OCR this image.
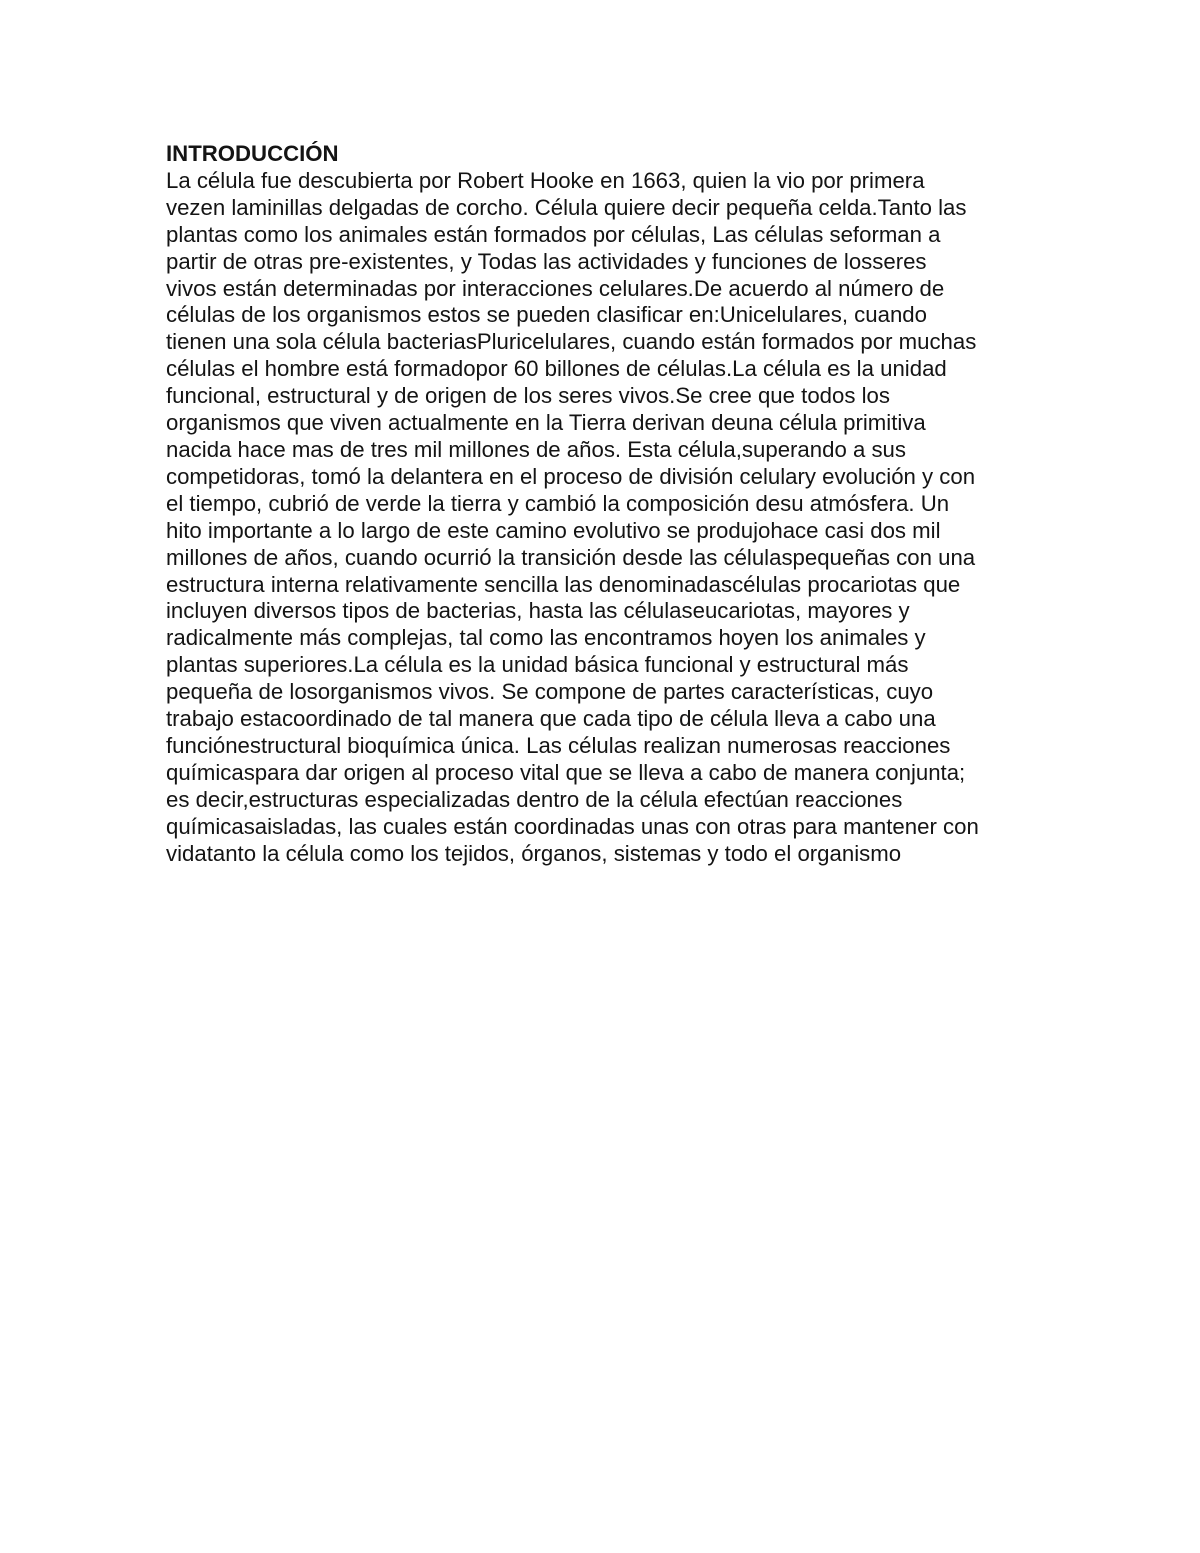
INTRODUCCIÓN

La célula fue descubierta por Robert Hooke en 1663, quien la vio por primera

vezen laminillas delgadas de corcho. Célula quiere decir pequeña celda.Tanto las

plantas como los animales están formados por células, Las células seforman a

partir de otras pre-existentes, y Todas las actividades y funciones de losseres

vivos están determinadas por interacciones celulares.De acuerdo al número de

células de los organismos estos se pueden clasificar en:Unicelulares, cuando

tienen una sola célula bacteriasPluricelulares, cuando están formados por muchas

células el hombre está formadopor 60 billones de células.La célula es la unidad

funcional, estructural y de origen de los seres vivos.Se cree que todos los

organismos que viven actualmente en la Tierra derivan deuna célula primitiva

nacida hace mas de tres mil millones de años. Esta célula,superando a sus

competidoras, tomó la delantera en el proceso de división celulary evolución y con

el tiempo, cubrió de verde la tierra y cambió la composición desu atmósfera. Un

hito importante a lo largo de este camino evolutivo se produjohace casi dos mil

millones de años, cuando ocurrió la transición desde las célulaspequeñas con una

estructura interna relativamente sencilla las denominadascélulas procariotas que

incluyen diversos tipos de bacterias, hasta las célulaseucariotas, mayores y

radicalmente más complejas, tal como las encontramos hoyen los animales y

plantas superiores.La célula es la unidad básica funcional y estructural más

pequeña de losorganismos vivos. Se compone de partes características, cuyo

trabajo estacoordinado de tal manera que cada tipo de célula lleva a cabo una

funciónestructural bioquímica única. Las células realizan numerosas reacciones

químicaspara dar origen al proceso vital que se lleva a cabo de manera conjunta;

es decir,estructuras especializadas dentro de la célula efectúan reacciones

químicasaisladas, las cuales están coordinadas unas con otras para mantener con

vidatanto la célula como los tejidos, órganos, sistemas y todo el organismo
